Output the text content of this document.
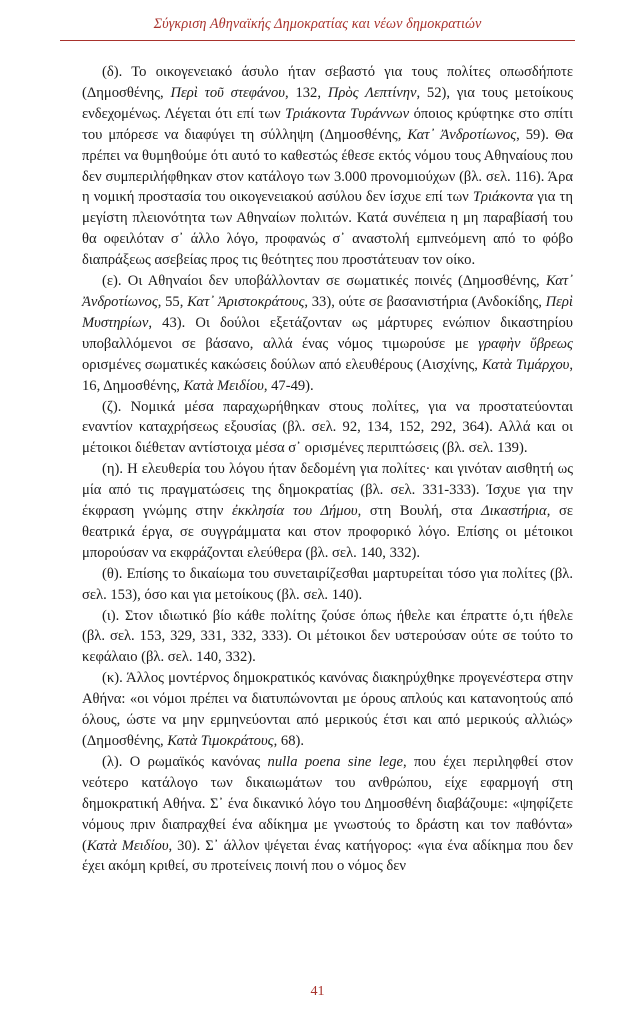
Σύγκριση Αθηναϊκής Δημοκρατίας και νέων δημοκρατιών

(δ). Το οικογενειακό άσυλο ήταν σεβαστό για τους πολίτες οπωσδήποτε (Δημοσθένης, Περὶ τοῦ στεφάνου, 132, Πρὸς Λεπτίνην, 52), για τους μετοίκους ενδεχομένως. Λέγεται ότι επί των Τριάκοντα Τυράννων όποιος κρύφτηκε στο σπίτι του μπόρεσε να διαφύγει τη σύλληψη (Δημοσθένης, Κατ᾽ Ἀνδροτίωνος, 59). Θα πρέπει να θυμηθούμε ότι αυτό το καθεστώς έθεσε εκτός νόμου τους Αθηναίους που δεν συμπεριλήφθηκαν στον κατάλογο των 3.000 προνομιούχων (βλ. σελ. 116). Άρα η νομική προστασία του οικογενειακού ασύλου δεν ίσχυε επί των Τριάκοντα για τη μεγίστη πλειονότητα των Αθηναίων πολιτών. Κατά συνέπεια η μη παραβίασή του θα οφειλόταν σ᾽ άλλο λόγο, προφανώς σ᾽ αναστολή εμπνεόμενη από το φόβο διαπράξεως ασεβείας προς τις θεότητες που προστάτευαν τον οίκο.

(ε). Οι Αθηναίοι δεν υποβάλλονταν σε σωματικές ποινές (Δημοσθένης, Κατ᾽ Ἀνδροτίωνος, 55, Κατ᾽ Ἀριστοκράτους, 33), ούτε σε βασανιστήρια (Ανδοκίδης, Περὶ Μυστηρίων, 43). Οι δούλοι εξετάζονταν ως μάρτυρες ενώπιον δικαστηρίου υποβαλλόμενοι σε βάσανο, αλλά ένας νόμος τιμωρούσε με γραφὴν ὕβρεως ορισμένες σωματικές κακώσεις δούλων από ελευθέρους (Αισχίνης, Κατὰ Τιμάρχου, 16, Δημοσθένης, Κατὰ Μειδίου, 47-49).

(ζ). Νομικά μέσα παραχωρήθηκαν στους πολίτες, για να προστατεύονται εναντίον καταχρήσεως εξουσίας (βλ. σελ. 92, 134, 152, 292, 364). Αλλά και οι μέτοικοι διέθεταν αντίστοιχα μέσα σ᾽ ορισμένες περιπτώσεις (βλ. σελ. 139).

(η). Η ελευθερία του λόγου ήταν δεδομένη για πολίτες· και γινόταν αισθητή ως μία από τις πραγματώσεις της δημοκρατίας (βλ. σελ. 331-333). Ίσχυε για την έκφραση γνώμης στην ἐκκλησία του Δήμου, στη Βουλή, στα Δικαστήρια, σε θεατρικά έργα, σε συγγράμματα και στον προφορικό λόγο. Επίσης οι μέτοικοι μπορούσαν να εκφράζονται ελεύθερα (βλ. σελ. 140, 332).

(θ). Επίσης το δικαίωμα του συνεταιρίζεσθαι μαρτυρείται τόσο για πολίτες (βλ. σελ. 153), όσο και για μετοίκους (βλ. σελ. 140).

(ι). Στον ιδιωτικό βίο κάθε πολίτης ζούσε όπως ήθελε και έπραττε ό,τι ήθελε (βλ. σελ. 153, 329, 331, 332, 333). Οι μέτοικοι δεν υστερούσαν ούτε σε τούτο το κεφάλαιο (βλ. σελ. 140, 332).

(κ). Άλλος μοντέρνος δημοκρατικός κανόνας διακηρύχθηκε προγενέστερα στην Αθήνα: «οι νόμοι πρέπει να διατυπώνονται με όρους απλούς και κατανοητούς από όλους, ώστε να μην ερμηνεύονται από μερικούς έτσι και από μερικούς αλλιώς» (Δημοσθένης, Κατὰ Τιμοκράτους, 68).

(λ). Ο ρωμαϊκός κανόνας nulla poena sine lege, που έχει περιληφθεί στον νεότερο κατάλογο των δικαιωμάτων του ανθρώπου, είχε εφαρμογή στη δημοκρατική Αθήνα. Σ᾽ ένα δικανικό λόγο του Δημοσθένη διαβάζουμε: «ψηφίζετε νόμους πριν διαπραχθεί ένα αδίκημα με γνωστούς το δράστη και τον παθόντα» (Κατὰ Μειδίου, 30). Σ᾽ άλλον ψέγεται ένας κατήγορος: «για ένα αδίκημα που δεν έχει ακόμη κριθεί, συ προτείνεις ποινή που ο νόμος δεν

41
